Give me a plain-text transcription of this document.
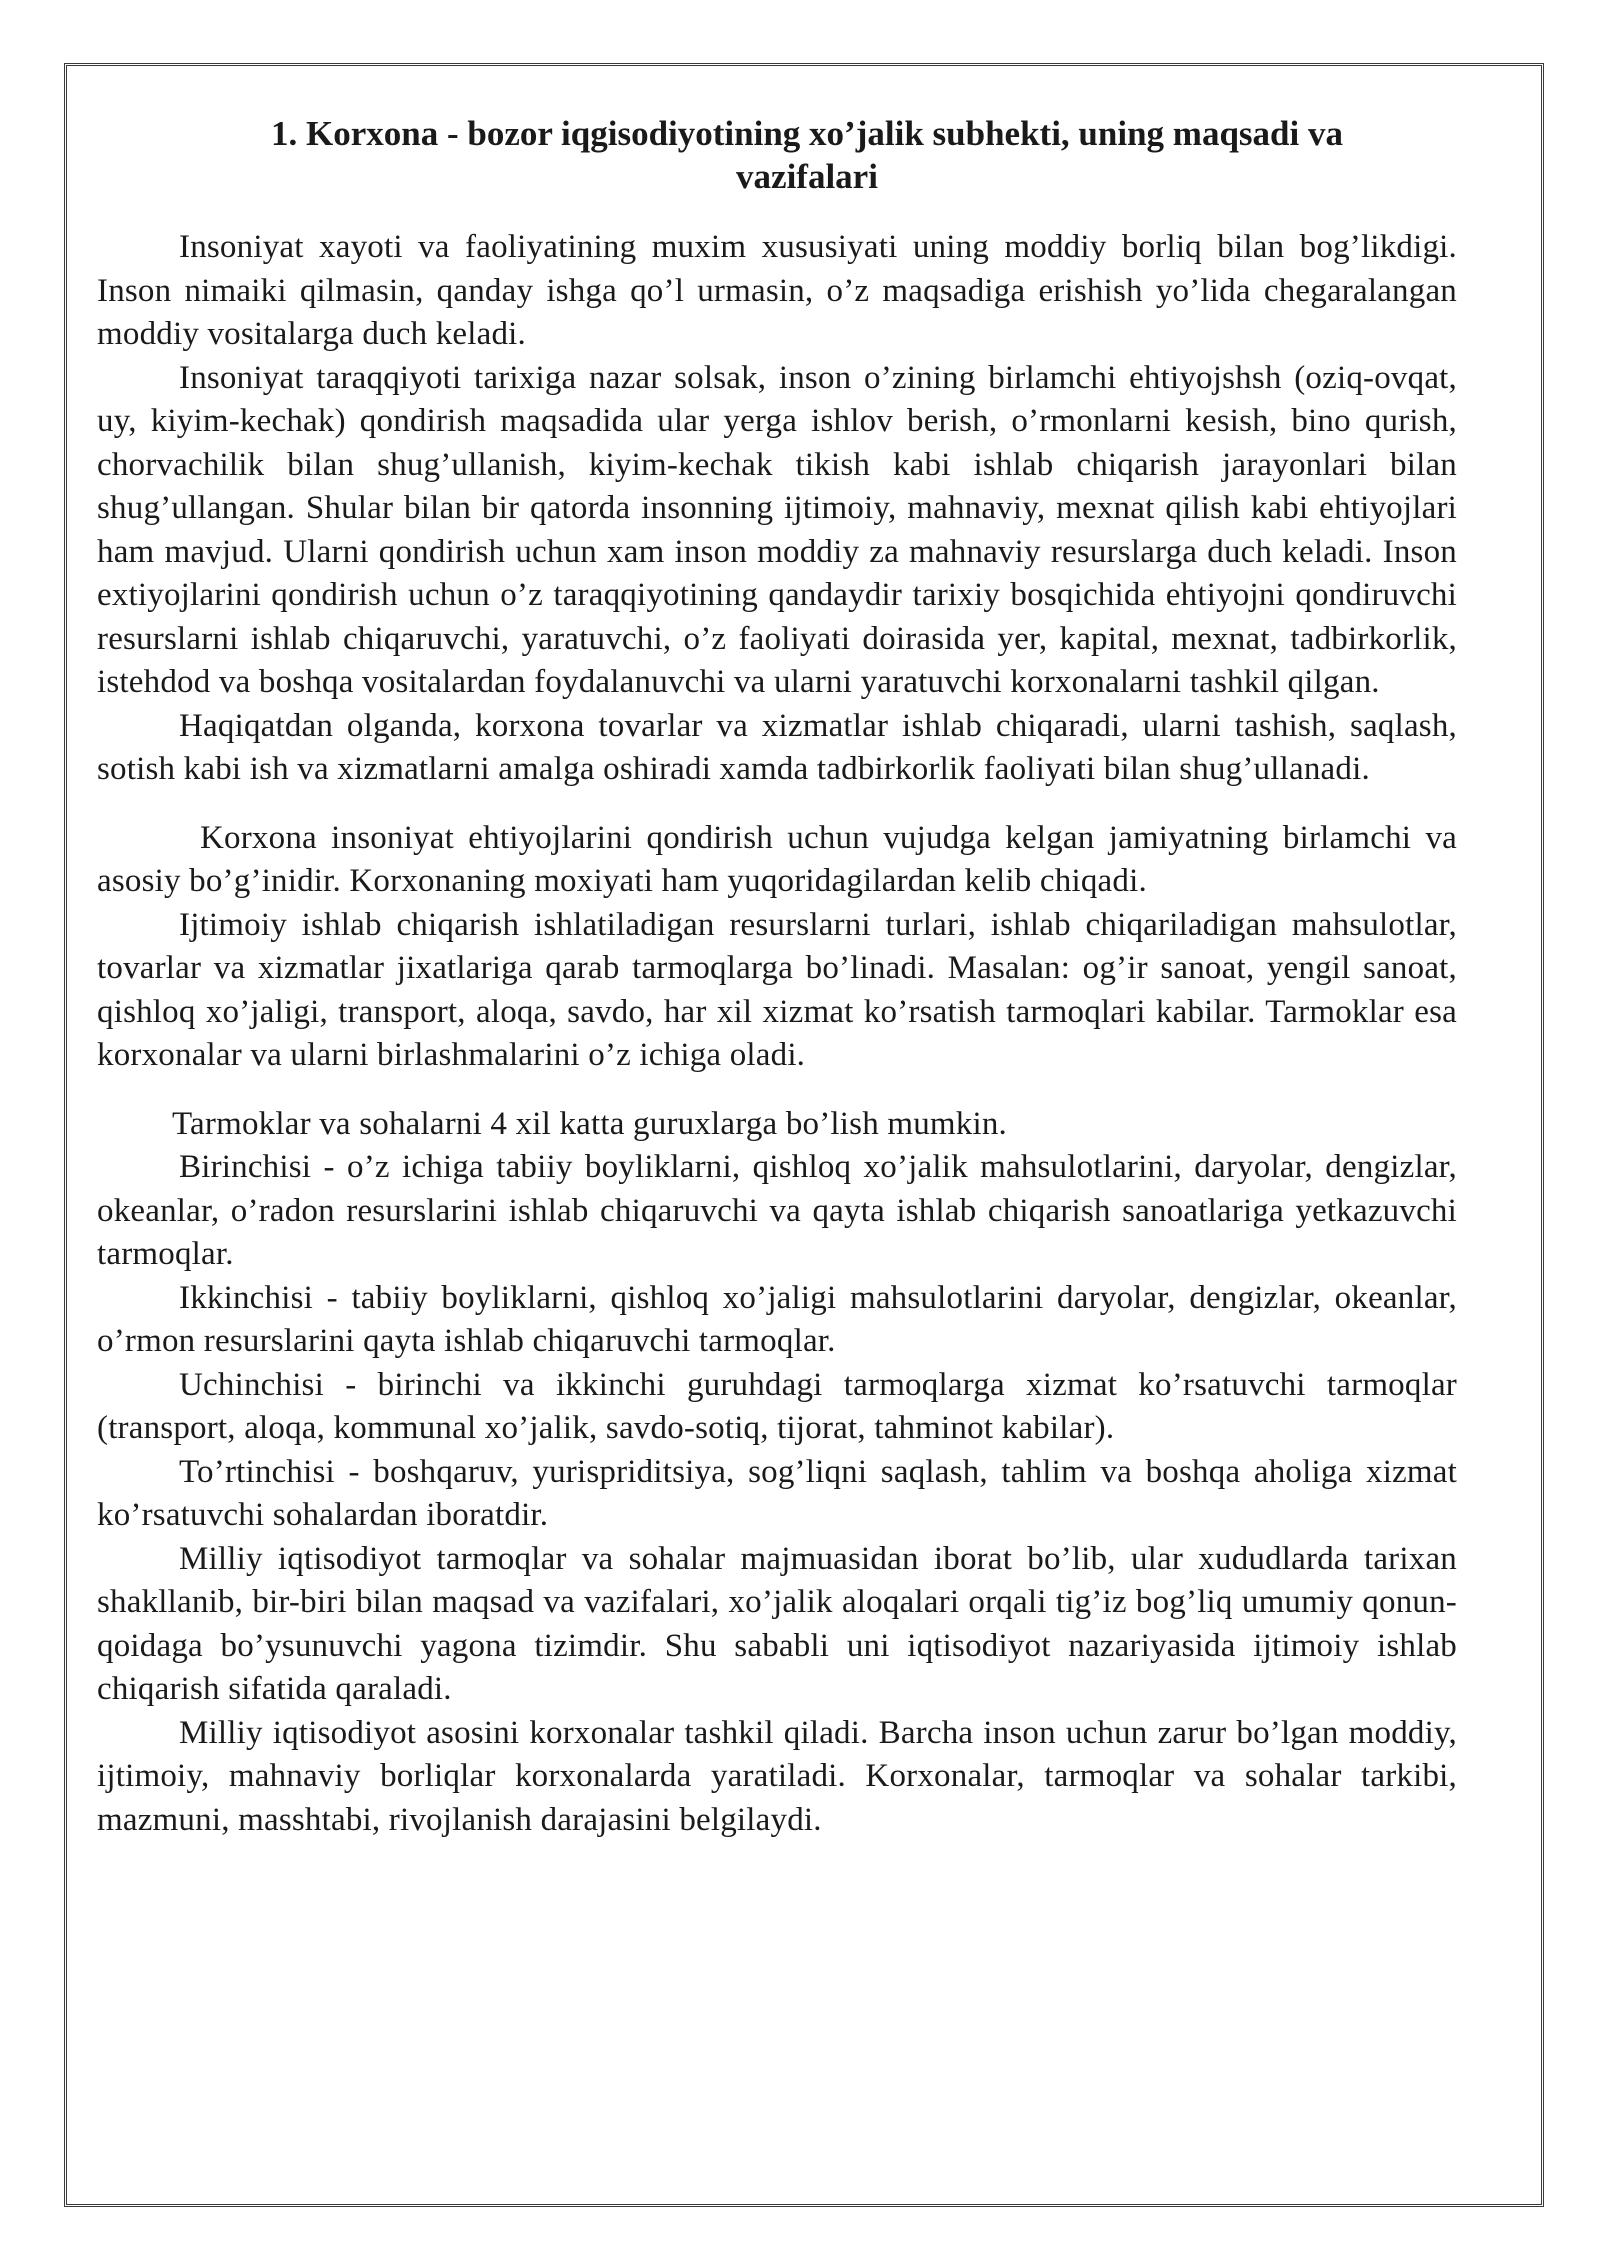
1. Korxona - bozor iqgisodiyotining xo’jalik subhekti, uning maqsadi va vazifalari

Insoniyat xayoti va faoliyatining muxim xususiyati uning moddiy borliq bilan bog’likdigi. Inson nimaiki qilmasin, qanday ishga qo’l urmasin, o’z maqsadiga erishish yo’lida chegaralangan moddiy vositalarga duch keladi.

Insoniyat taraqqiyoti tarixiga nazar solsak, inson o’zining birlamchi ehtiyojshsh (oziq-ovqat, uy, kiyim-kechak) qondirish maqsadida ular yerga ishlov berish, o’rmonlarni kesish, bino qurish, chorvachilik bilan shug’ullanish, kiyim-kechak tikish kabi ishlab chiqarish jarayonlari bilan shug’ullangan. Shular bilan bir qatorda insonning ijtimoiy, mahnaviy, mexnat qilish kabi ehtiyojlari ham mavjud. Ularni qondirish uchun xam inson moddiy za mahnaviy resurslarga duch keladi. Inson extiyojlarini qondirish uchun o’z taraqqiyotining qandaydir tarixiy bosqichida ehtiyojni qondiruvchi resurslarni ishlab chiqaruvchi, yaratuvchi, o’z faoliyati doirasida yer, kapital, mexnat, tadbirkorlik, istehdod va boshqa vositalardan foydalanuvchi va ularni yaratuvchi korxonalarni tashkil qilgan.

Haqiqatdan olganda, korxona tovarlar va xizmatlar ishlab chiqaradi, ularni tashish, saqlash, sotish kabi ish va xizmatlarni amalga oshiradi xamda tadbirkorlik faoliyati bilan shug’ullanadi.

Korxona insoniyat ehtiyojlarini qondirish uchun vujudga kelgan jamiyatning birlamchi va asosiy bo’g’inidir. Korxonaning moxiyati ham yuqoridagilardan kelib chiqadi.

Ijtimoiy ishlab chiqarish ishlatiladigan resurslarni turlari, ishlab chiqariladigan mahsulotlar, tovarlar va xizmatlar jixatlariga qarab tarmoqlarga bo’linadi. Masalan: og’ir sanoat, yengil sanoat, qishloq xo’jaligi, transport, aloqa, savdo, har xil xizmat ko’rsatish tarmoqlari kabilar. Tarmoklar esa korxonalar va ularni birlashmalarini o’z ichiga oladi.

Tarmoklar va sohalarni 4 xil katta guruxlarga bo’lish mumkin.

Birinchisi - o’z ichiga tabiiy boyliklarni, qishloq xo’jalik mahsulotlarini, daryolar, dengizlar, okeanlar, o’radon resurslarini ishlab chiqaruvchi va qayta ishlab chiqarish sanoatlariga yetkazuvchi tarmoqlar.

Ikkinchisi - tabiiy boyliklarni, qishloq xo’jaligi mahsulotlarini daryolar, dengizlar, okeanlar, o’rmon resurslarini qayta ishlab chiqaruvchi tarmoqlar.

Uchinchisi - birinchi va ikkinchi guruhdagi tarmoqlarga xizmat ko’rsatuvchi tarmoqlar (transport, aloqa, kommunal xo’jalik, savdo-sotiq, tijorat, tahminot kabilar).

To’rtinchisi - boshqaruv, yurispriditsiya, sog’liqni saqlash, tahlim va boshqa aholiga xizmat ko’rsatuvchi sohalardan iboratdir.

Milliy iqtisodiyot tarmoqlar va sohalar majmuasidan iborat bo’lib, ular xududlarda tarixan shakllanib, bir-biri bilan maqsad va vazifalari, xo’jalik aloqalari orqali tig’iz bog’liq umumiy qonun-qoidaga bo’ysunuvchi yagona tizimdir. Shu sababli uni iqtisodiyot nazariyasida ijtimoiy ishlab chiqarish sifatida qaraladi.

Milliy iqtisodiyot asosini korxonalar tashkil qiladi. Barcha inson uchun zarur bo’lgan moddiy, ijtimoiy, mahnaviy borliqlar korxonalarda yaratiladi. Korxonalar, tarmoqlar va sohalar tarkibi, mazmuni, masshtabi, rivojlanish darajasini belgilaydi.
